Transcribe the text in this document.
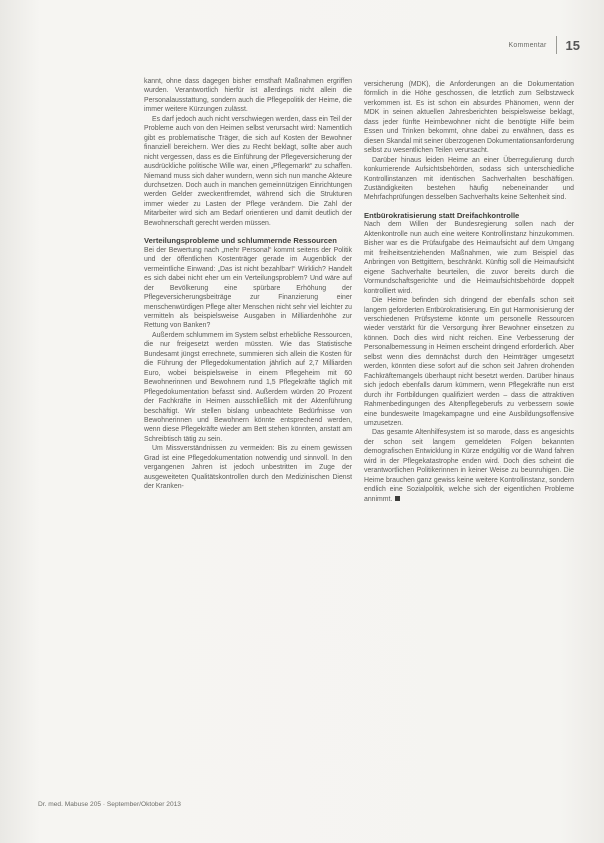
Kommentar 15

kannt, ohne dass dagegen bisher ernsthaft Maßnahmen ergriffen wurden. Verantwortlich hierfür ist allerdings nicht allein die Personalausstattung, sondern auch die Pflegepolitik der Heime, die immer weitere Kürzungen zulässt.

Es darf jedoch auch nicht verschwiegen werden, dass ein Teil der Probleme auch von den Heimen selbst verursacht wird: Namentlich gibt es problematische Träger, die sich auf Kosten der Bewohner finanziell bereichern. Wer dies zu Recht beklagt, sollte aber auch nicht vergessen, dass es die Einführung der Pflegeversicherung der ausdrückliche politische Wille war, einen „Pflegemarkt“ zu schaffen. Niemand muss sich daher wundern, wenn sich nun manche Akteure durchsetzen. Doch auch in manchen gemeinnützigen Einrichtungen werden Gelder zweckentfremdet, während sich die Strukturen immer wieder zu Lasten der Pflege verändern. Die Zahl der Mitarbeiter wird sich am Bedarf orientieren und damit deutlich der Bewohnerschaft gerecht werden müssen.

Verteilungsprobleme und schlummernde Ressourcen

Bei der Bewertung nach „mehr Personal“ kommt seitens der Politik und der öffentlichen Kostenträger gerade im Augenblick der vermeintliche Einwand: „Das ist nicht bezahlbar!“ Wirklich? Handelt es sich dabei nicht eher um ein Verteilungsproblem? Und wäre auf der Bevölkerung eine spürbare Erhöhung der Pflegeversicherungsbeiträge zur Finanzierung einer menschenwürdigen Pflege alter Menschen nicht sehr viel leichter zu vermitteln als beispielsweise Ausgaben in Milliardenhöhe zur Rettung von Banken?

Außerdem schlummern im System selbst erhebliche Ressourcen, die nur freigesetzt werden müssten. Wie das Statistische Bundesamt jüngst errechnete, summieren sich allein die Kosten für die Führung der Pflegedokumentation jährlich auf 2,7 Milliarden Euro, wobei beispielsweise in einem Pflegeheim mit 60 Bewohnerinnen und Bewohnern rund 1,5 Pflegekräfte täglich mit Pflegedokumentation befasst sind. Außerdem würden 20 Prozent der Fachkräfte in Heimen ausschließlich mit der Aktenführung beschäftigt. Wir stellen bislang unbeachtete Bedürfnisse von Bewohnerinnen und Bewohnern könnte entsprechend werden, wenn diese Pflegekräfte wieder am Bett stehen könnten, anstatt am Schreibtisch tätig zu sein.

Um Missverständnissen zu vermeiden: Bis zu einem gewissen Grad ist eine Pflegedokumentation notwendig und sinnvoll. In den vergangenen Jahren ist jedoch unbestritten im Zuge der ausgeweiteten Qualitätskontrollen durch den Medizinischen Dienst der Kranken-

versicherung (MDK), die Anforderungen an die Dokumentation förmlich in die Höhe geschossen, die letztlich zum Selbstzweck verkommen ist. Es ist schon ein absurdes Phänomen, wenn der MDK in seinen aktuellen Jahresberichten beispielsweise beklagt, dass jeder fünfte Heimbewohner nicht die benötigte Hilfe beim Essen und Trinken bekommt, ohne dabei zu erwähnen, dass es diesen Skandal mit seiner überzogenen Dokumentationsanforderung selbst zu wesentlichen Teilen verursacht.

Darüber hinaus leiden Heime an einer Überregulierung durch konkurrierende Aufsichtsbehörden, sodass sich unterschiedliche Kontrollinstanzen mit identischen Sachverhalten beschäftigen. Zuständigkeiten bestehen häufig nebeneinander und Mehrfachprüfungen desselben Sachverhalts keine Seltenheit sind.

Entbürokratisierung statt Dreifachkontrolle

Nach dem Willen der Bundesregierung sollen nach der Aktenkontrolle nun auch eine weitere Kontrollinstanz hinzukommen. Bisher war es die Prüfaufgabe des Heimaufsicht auf dem Umgang mit freiheitsentziehenden Maßnahmen, wie zum Beispiel das Anbringen von Bettgittern, beschränkt. Künftig soll die Heimaufsicht eigene Sachverhalte beurteilen, die zuvor bereits durch die Vormundschaftsgerichte und die Heimaufsichtsbehörde doppelt kontrolliert wird.

Die Heime befinden sich dringend der ebenfalls schon seit langem geforderten Entbürokratisierung. Ein gut Harmonisierung der verschiedenen Prüfsysteme könnte um personelle Ressourcen wieder verstärkt für die Versorgung ihrer Bewohner einsetzen zu können. Doch dies wird nicht reichen. Eine Verbesserung der Personalbemessung in Heimen erscheint dringend erforderlich. Aber selbst wenn dies demnächst durch den Heimträger umgesetzt werden, könnten diese sofort auf die schon seit Jahren drohenden Fachkräftemangels überhaupt nicht besetzt werden. Darüber hinaus sich jedoch ebenfalls darum kümmern, wenn Pflegekräfte nun erst durch ihr Fortbildungen qualifiziert werden – dass die attraktiven Rahmenbedingungen des Altenpflegeberufs zu verbessern sowie eine bundesweite Imagekampagne und eine Ausbildungsoffensive umzusetzen.

Das gesamte Altenhilfesystem ist so marode, dass es angesichts der schon seit langem gemeldeten Folgen bekannten demografischen Entwicklung in Kürze endgültig vor die Wand fahren wird in der Pflegekatastrophe enden wird. Doch dies scheint die verantwortlichen Politikerinnen in keiner Weise zu beunruhigen. Die Heime brauchen ganz gewiss keine weitere Kontrollinstanz, sondern endlich eine Sozialpolitik, welche sich der eigentlichen Probleme annimmt.

Dr. med. Mabuse 205 · September/Oktober 2013
